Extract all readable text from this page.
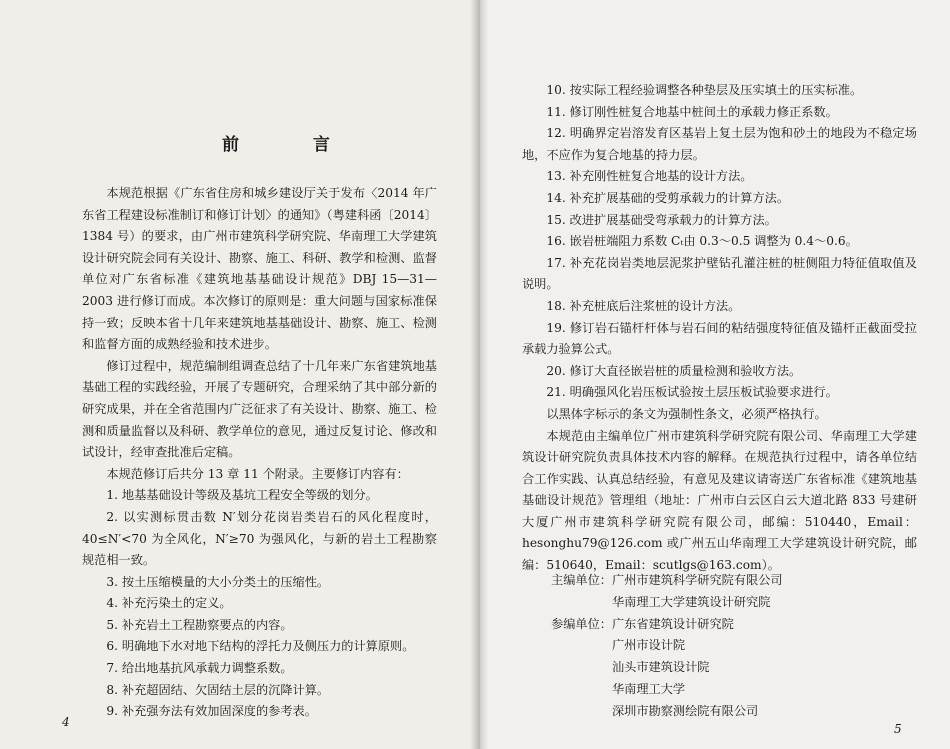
前 言

本规范根据《广东省住房和城乡建设厅关于发布〈2014 年广东省工程建设标准制订和修订计划〉的通知》（粤建科函〔2014〕1384 号）的要求，由广州市建筑科学研究院、华南理工大学建筑设计研究院会同有关设计、勘察、施工、科研、教学和检测、监督单位对广东省标准《建筑地基基础设计规范》DBJ 15—31—2003 进行修订而成。本次修订的原则是：重大问题与国家标准保持一致；反映本省十几年来建筑地基基础设计、勘察、施工、检测和监督方面的成熟经验和技术进步。

修订过程中，规范编制组调查总结了十几年来广东省建筑地基基础工程的实践经验，开展了专题研究，合理采纳了其中部分新的研究成果，并在全省范围内广泛征求了有关设计、勘察、施工、检测和质量监督以及科研、教学单位的意见，通过反复讨论、修改和试设计，经审查批准后定稿。

本规范修订后共分 13 章 11 个附录。主要修订内容有：

1. 地基基础设计等级及基坑工程安全等级的划分。

2. 以实测标贯击数 N′划分花岗岩类岩石的风化程度时，40≤N′<70 为全风化，N′≥70 为强风化，与新的岩土工程勘察规范相一致。

3. 按土压缩模量的大小分类土的压缩性。

4. 补充污染土的定义。

5. 补充岩土工程勘察要点的内容。

6. 明确地下水对地下结构的浮托力及侧压力的计算原则。

7. 给出地基抗风承载力调整系数。

8. 补充超固结、欠固结土层的沉降计算。

9. 补充强夯法有效加固深度的参考表。

4

10. 按实际工程经验调整各种垫层及压实填土的压实标准。

11. 修订刚性桩复合地基中桩间土的承载力修正系数。

12. 明确界定岩溶发育区基岩上复土层为饱和砂土的地段为不稳定场地，不应作为复合地基的持力层。

13. 补充刚性桩复合地基的设计方法。

14. 补充扩展基础的受剪承载力的计算方法。

15. 改进扩展基础受弯承载力的计算方法。

16. 嵌岩桩端阻力系数 Cₜ由 0.3～0.5 调整为 0.4～0.6。

17. 补充花岗岩类地层泥浆护壁钻孔灌注桩的桩侧阻力特征值取值及说明。

18. 补充桩底后注浆桩的设计方法。

19. 修订岩石锚杆杆体与岩石间的粘结强度特征值及锚杆正截面受拉承载力验算公式。

20. 修订大直径嵌岩桩的质量检测和验收方法。

21. 明确强风化岩压板试验按土层压板试验要求进行。

以黑体字标示的条文为强制性条文，必须严格执行。

本规范由主编单位广州市建筑科学研究院有限公司、华南理工大学建筑设计研究院负责具体技术内容的解释。在规范执行过程中，请各单位结合工作实践、认真总结经验，有意见及建议请寄送广东省标准《建筑地基基础设计规范》管理组（地址：广州市白云区白云大道北路 833 号建研大厦广州市建筑科学研究院有限公司，邮编：510440，Email：hesonghu79@126.com 或广州五山华南理工大学建筑设计研究院，邮编：510640，Email：scutlgs@163.com）。

主编单位： 广州市建筑科学研究院有限公司
华南理工大学建筑设计研究院
参编单位： 广东省建筑设计研究院
广州市设计院
汕头市建筑设计院
华南理工大学
深圳市勘察测绘院有限公司
5
